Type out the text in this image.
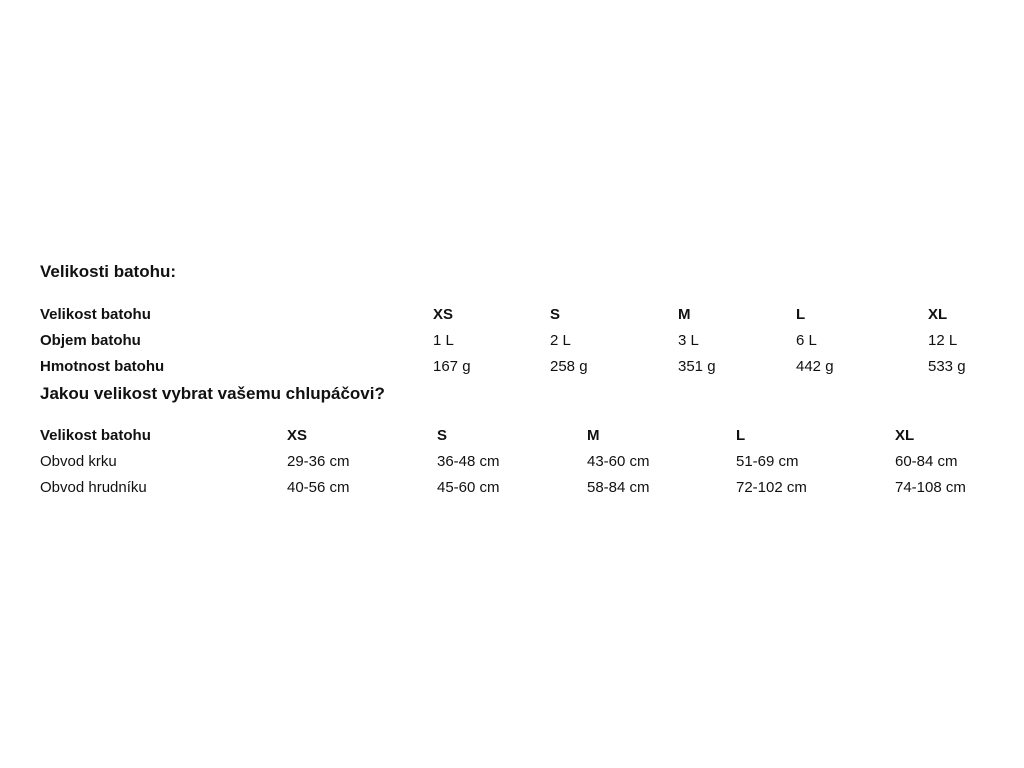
Velikosti batohu:
Velikost batohu	XS	S	M	L	XL
Objem batohu	1 L	2 L	3 L	6 L	12 L
Hmotnost batohu	167 g	258 g	351 g	442 g	533 g
Jakou velikost vybrat vašemu chlupáčovi?
Velikost batohu	XS	S	M	L	XL
Obvod krku	29-36 cm	36-48 cm	43-60 cm	51-69 cm	60-84 cm
Obvod hrudníku	40-56 cm	45-60 cm	58-84 cm	72-102 cm	74-108 cm
